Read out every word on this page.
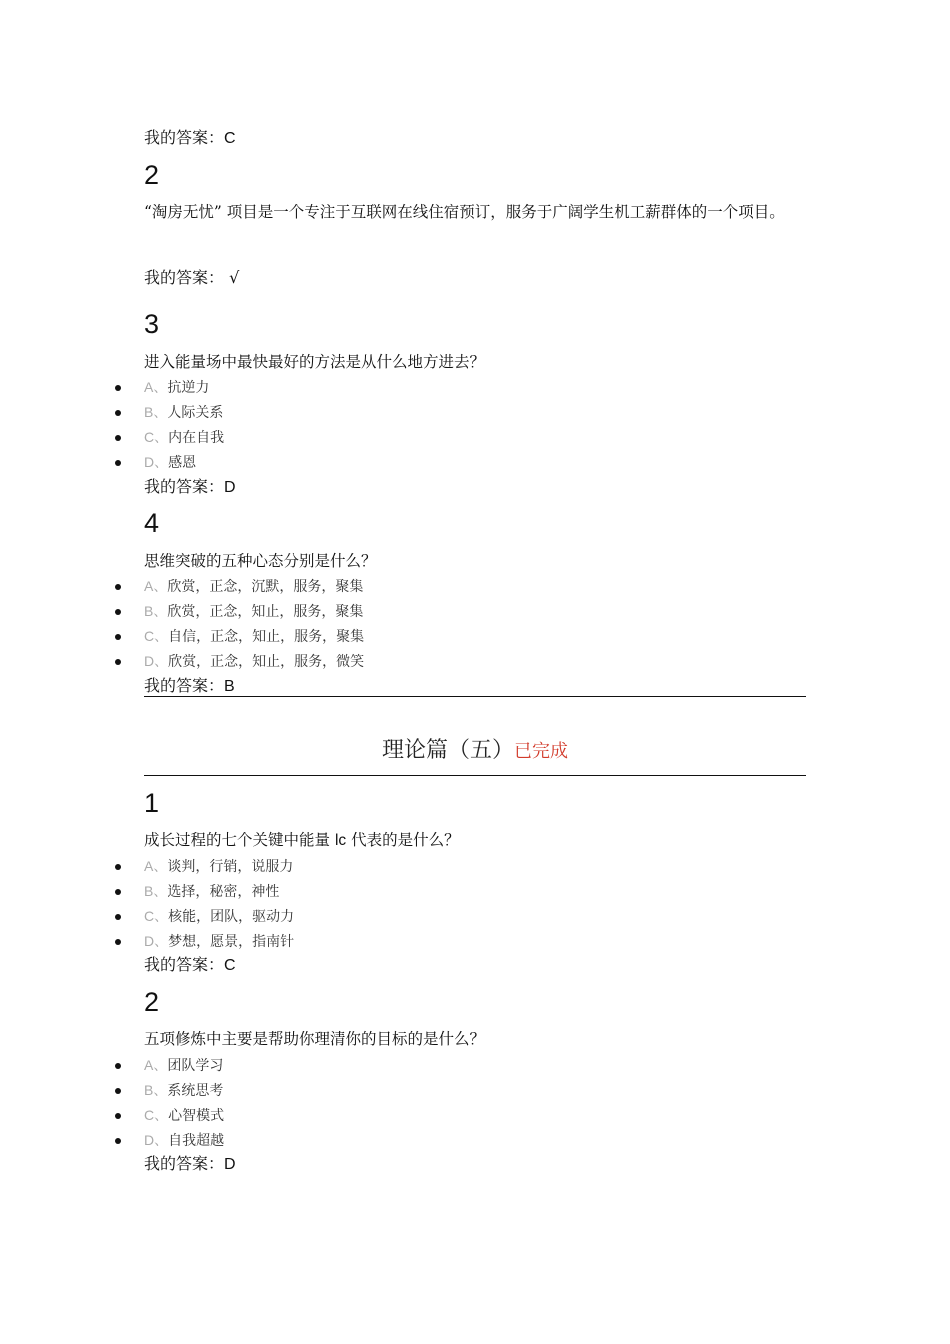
我的答案：C
2
“淘房无忧” 项目是一个专注于互联网在线住宿预订，服务于广阔学生机工薪群体的一个项目。
我的答案： √
3
进入能量场中最快最好的方法是从什么地方进去？
A、抗逆力
B、人际关系
C、内在自我
D、感恩
我的答案：D
4
思维突破的五种心态分别是什么？
A、欣赏，正念，沉默，服务，聚集
B、欣赏，正念，知止，服务，聚集
C、自信，正念，知止，服务，聚集
D、欣赏，正念，知止，服务，微笑
我的答案：B
理论篇（五）已完成
1
成长过程的七个关键中能量 lc 代表的是什么？
A、谈判，行销，说服力
B、选择，秘密，神性
C、核能，团队，驱动力
D、梦想，愿景，指南针
我的答案：C
2
五项修炼中主要是帮助你理清你的目标的是什么？
A、团队学习
B、系统思考
C、心智模式
D、自我超越
我的答案：D
